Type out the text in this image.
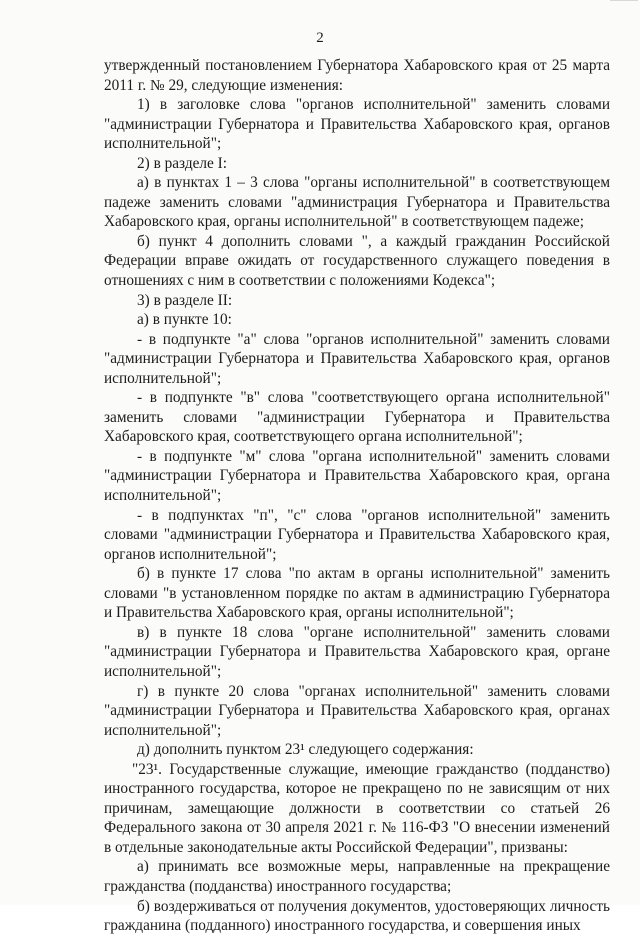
2

утвержденный постановлением Губернатора Хабаровского края от 25 марта 2011 г. № 29, следующие изменения:

1) в заголовке слова "органов исполнительной" заменить словами "администрации Губернатора и Правительства Хабаровского края, органов исполнительной";

2) в разделе I:

а) в пунктах 1 – 3 слова "органы исполнительной" в соответствующем падеже заменить словами "администрация Губернатора и Правительства Хабаровского края, органы исполнительной" в соответствующем падеже;

б) пункт 4 дополнить словами ", а каждый гражданин Российской Федерации вправе ожидать от государственного служащего поведения в отношениях с ним в соответствии с положениями Кодекса";

3) в разделе II:

а) в пункте 10:

- в подпункте "а" слова "органов исполнительной" заменить словами "администрации Губернатора и Правительства Хабаровского края, органов исполнительной";

- в подпункте "в" слова "соответствующего органа исполнительной" заменить словами "администрации Губернатора и Правительства Хабаровского края, соответствующего органа исполнительной";

- в подпункте "м" слова "органа исполнительной" заменить словами "администрации Губернатора и Правительства Хабаровского края, органа исполнительной";

- в подпунктах "п", "с" слова "органов исполнительной" заменить словами "администрации Губернатора и Правительства Хабаровского края, органов исполнительной";

б) в пункте 17 слова "по актам в органы исполнительной" заменить словами "в установленном порядке по актам в администрацию Губернатора и Правительства Хабаровского края, органы исполнительной";

в) в пункте 18 слова "органе исполнительной" заменить словами "администрации Губернатора и Правительства Хабаровского края, органе исполнительной";

г) в пункте 20 слова "органах исполнительной" заменить словами "администрации Губернатора и Правительства Хабаровского края, органах исполнительной";

д) дополнить пунктом 23¹ следующего содержания:

"23¹. Государственные служащие, имеющие гражданство (подданство) иностранного государства, которое не прекращено по не зависящим от них причинам, замещающие должности в соответствии со статьей 26 Федерального закона от 30 апреля 2021 г. № 116-ФЗ "О внесении изменений в отдельные законодательные акты Российской Федерации", призваны:

а) принимать все возможные меры, направленные на прекращение гражданства (подданства) иностранного государства;

б) воздерживаться от получения документов, удостоверяющих личность гражданина (подданного) иностранного государства, и совершения иных
